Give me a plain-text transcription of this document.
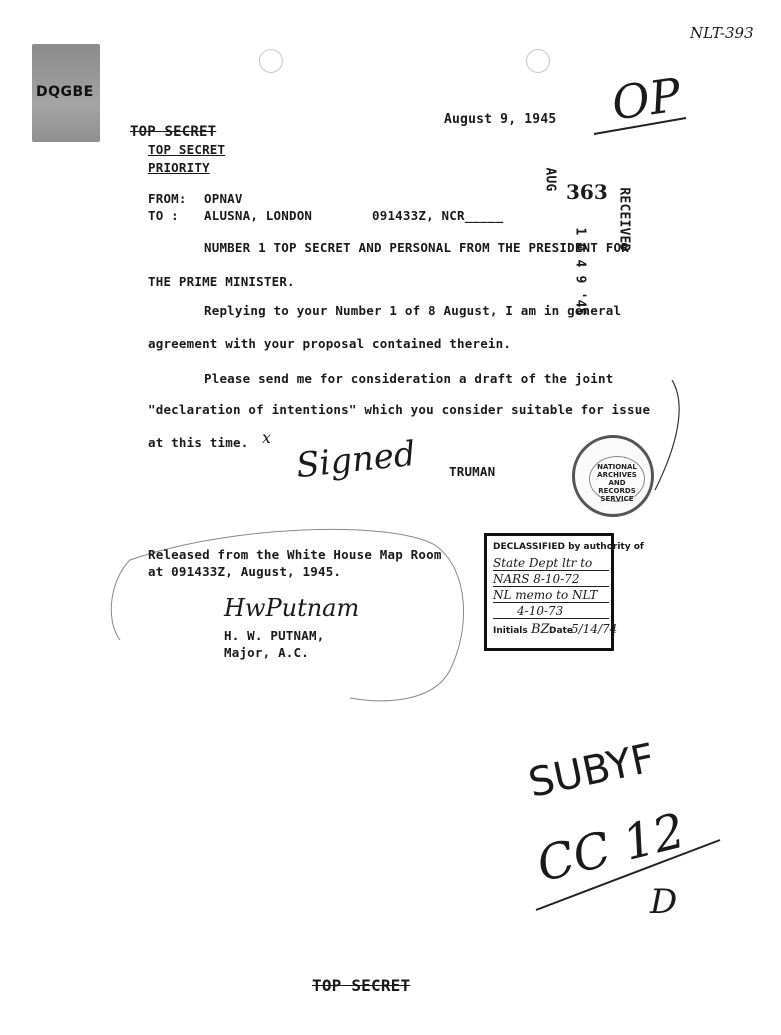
NLT-393
DQGBE
August 9, 1945 OP
TOP SECRET
TOP SECRET
PRIORITY
FROM: OPNAV
TO : ALUSNA, LONDON	091433Z, NCR_____
AUG
363 RECEIVED
1 0 4 9 '45
NUMBER 1 TOP SECRET AND PERSONAL FROM THE PRESIDENT FOR
THE PRIME MINISTER.
Replying to your Number 1 of 8 August, I am in general
agreement with your proposal contained therein.
Please send me for consideration a draft of the joint
"declaration of intentions" which you consider suitable for issue
at this time. x Signed	TRUMAN	NATIONAL ARCHIVES AND RECORDS SERVICE
Released from the White House Map Room
at 091433Z, August, 1945.
HwPutnam
H. W. PUTNAM,
Major, A.C.
DECLASSIFIED by authority of
State Dept ltr to
NARS 8-10-72
NL memo to NLT
4-10-73
Initials BZ Date
5/14/74
SUBYF
CC 12
D
TOP SECRET
